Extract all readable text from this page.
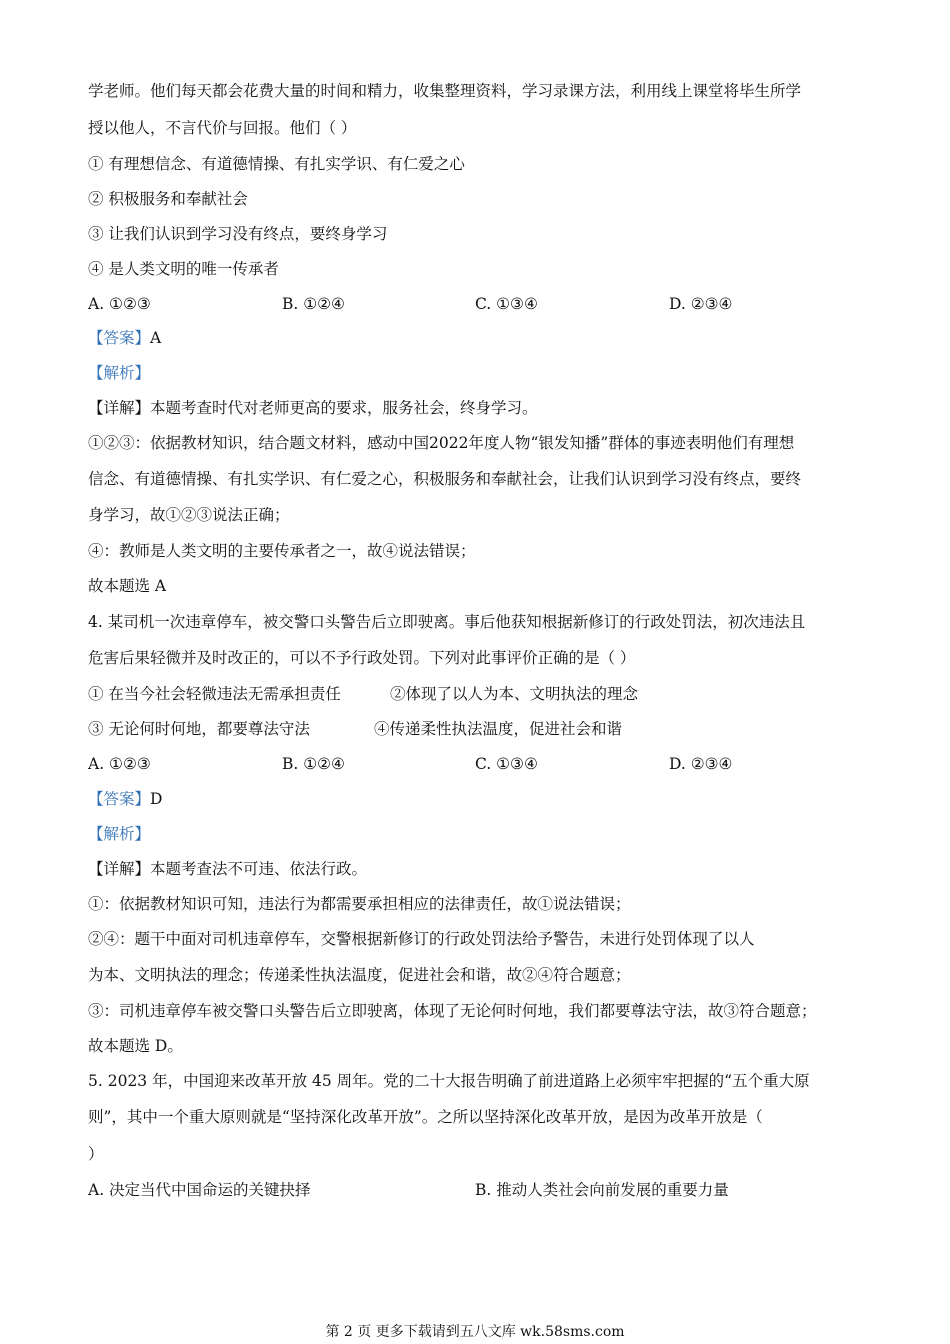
学老师。他们每天都会花费大量的时间和精力，收集整理资料，学习录课方法，利用线上课堂将毕生所学
授以他人，不言代价与回报。他们（ ）
① 有理想信念、有道德情操、有扎实学识、有仁爱之心
② 积极服务和奉献社会
③ 让我们认识到学习没有终点，要终身学习
④ 是人类文明的唯一传承者
A. ①②③	B. ①②④	C. ①③④	D. ②③④
【答案】A
【解析】
【详解】本题考查时代对老师更高的要求，服务社会，终身学习。
①②③：依据教材知识，结合题文材料，感动中国2022年度人物“银发知播”群体的事迹表明他们有理想
信念、有道德情操、有扎实学识、有仁爱之心，积极服务和奉献社会，让我们认识到学习没有终点，要终
身学习，故①②③说法正确；
④：教师是人类文明的主要传承者之一，故④说法错误；
故本题选 A
4. 某司机一次违章停车，被交警口头警告后立即驶离。事后他获知根据新修订的行政处罚法，初次违法且
危害后果轻微并及时改正的，可以不予行政处罚。下列对此事评价正确的是（ ）
① 在当今社会轻微违法无需承担责任	②体现了以人为本、文明执法的理念
③ 无论何时何地，都要尊法守法	④传递柔性执法温度，促进社会和谐
A. ①②③	B. ①②④	C. ①③④	D. ②③④
【答案】D
【解析】
【详解】本题考查法不可违、依法行政。
①：依据教材知识可知，违法行为都需要承担相应的法律责任，故①说法错误；
②④：题干中面对司机违章停车，交警根据新修订的行政处罚法给予警告，未进行处罚体现了以人
为本、文明执法的理念；传递柔性执法温度，促进社会和谐，故②④符合题意；
③：司机违章停车被交警口头警告后立即驶离，体现了无论何时何地，我们都要尊法守法，故③符合题意；
故本题选 D。
5. 2023 年，中国迎来改革开放 45 周年。党的二十大报告明确了前进道路上必须牢牢把握的“五个重大原
则”，其中一个重大原则就是“坚持深化改革开放”。之所以坚持深化改革开放，是因为改革开放是（
）
A. 决定当代中国命运的关键抉择	B. 推动人类社会向前发展的重要力量
第 2 页 更多下载请到五八文库 wk.58sms.com
